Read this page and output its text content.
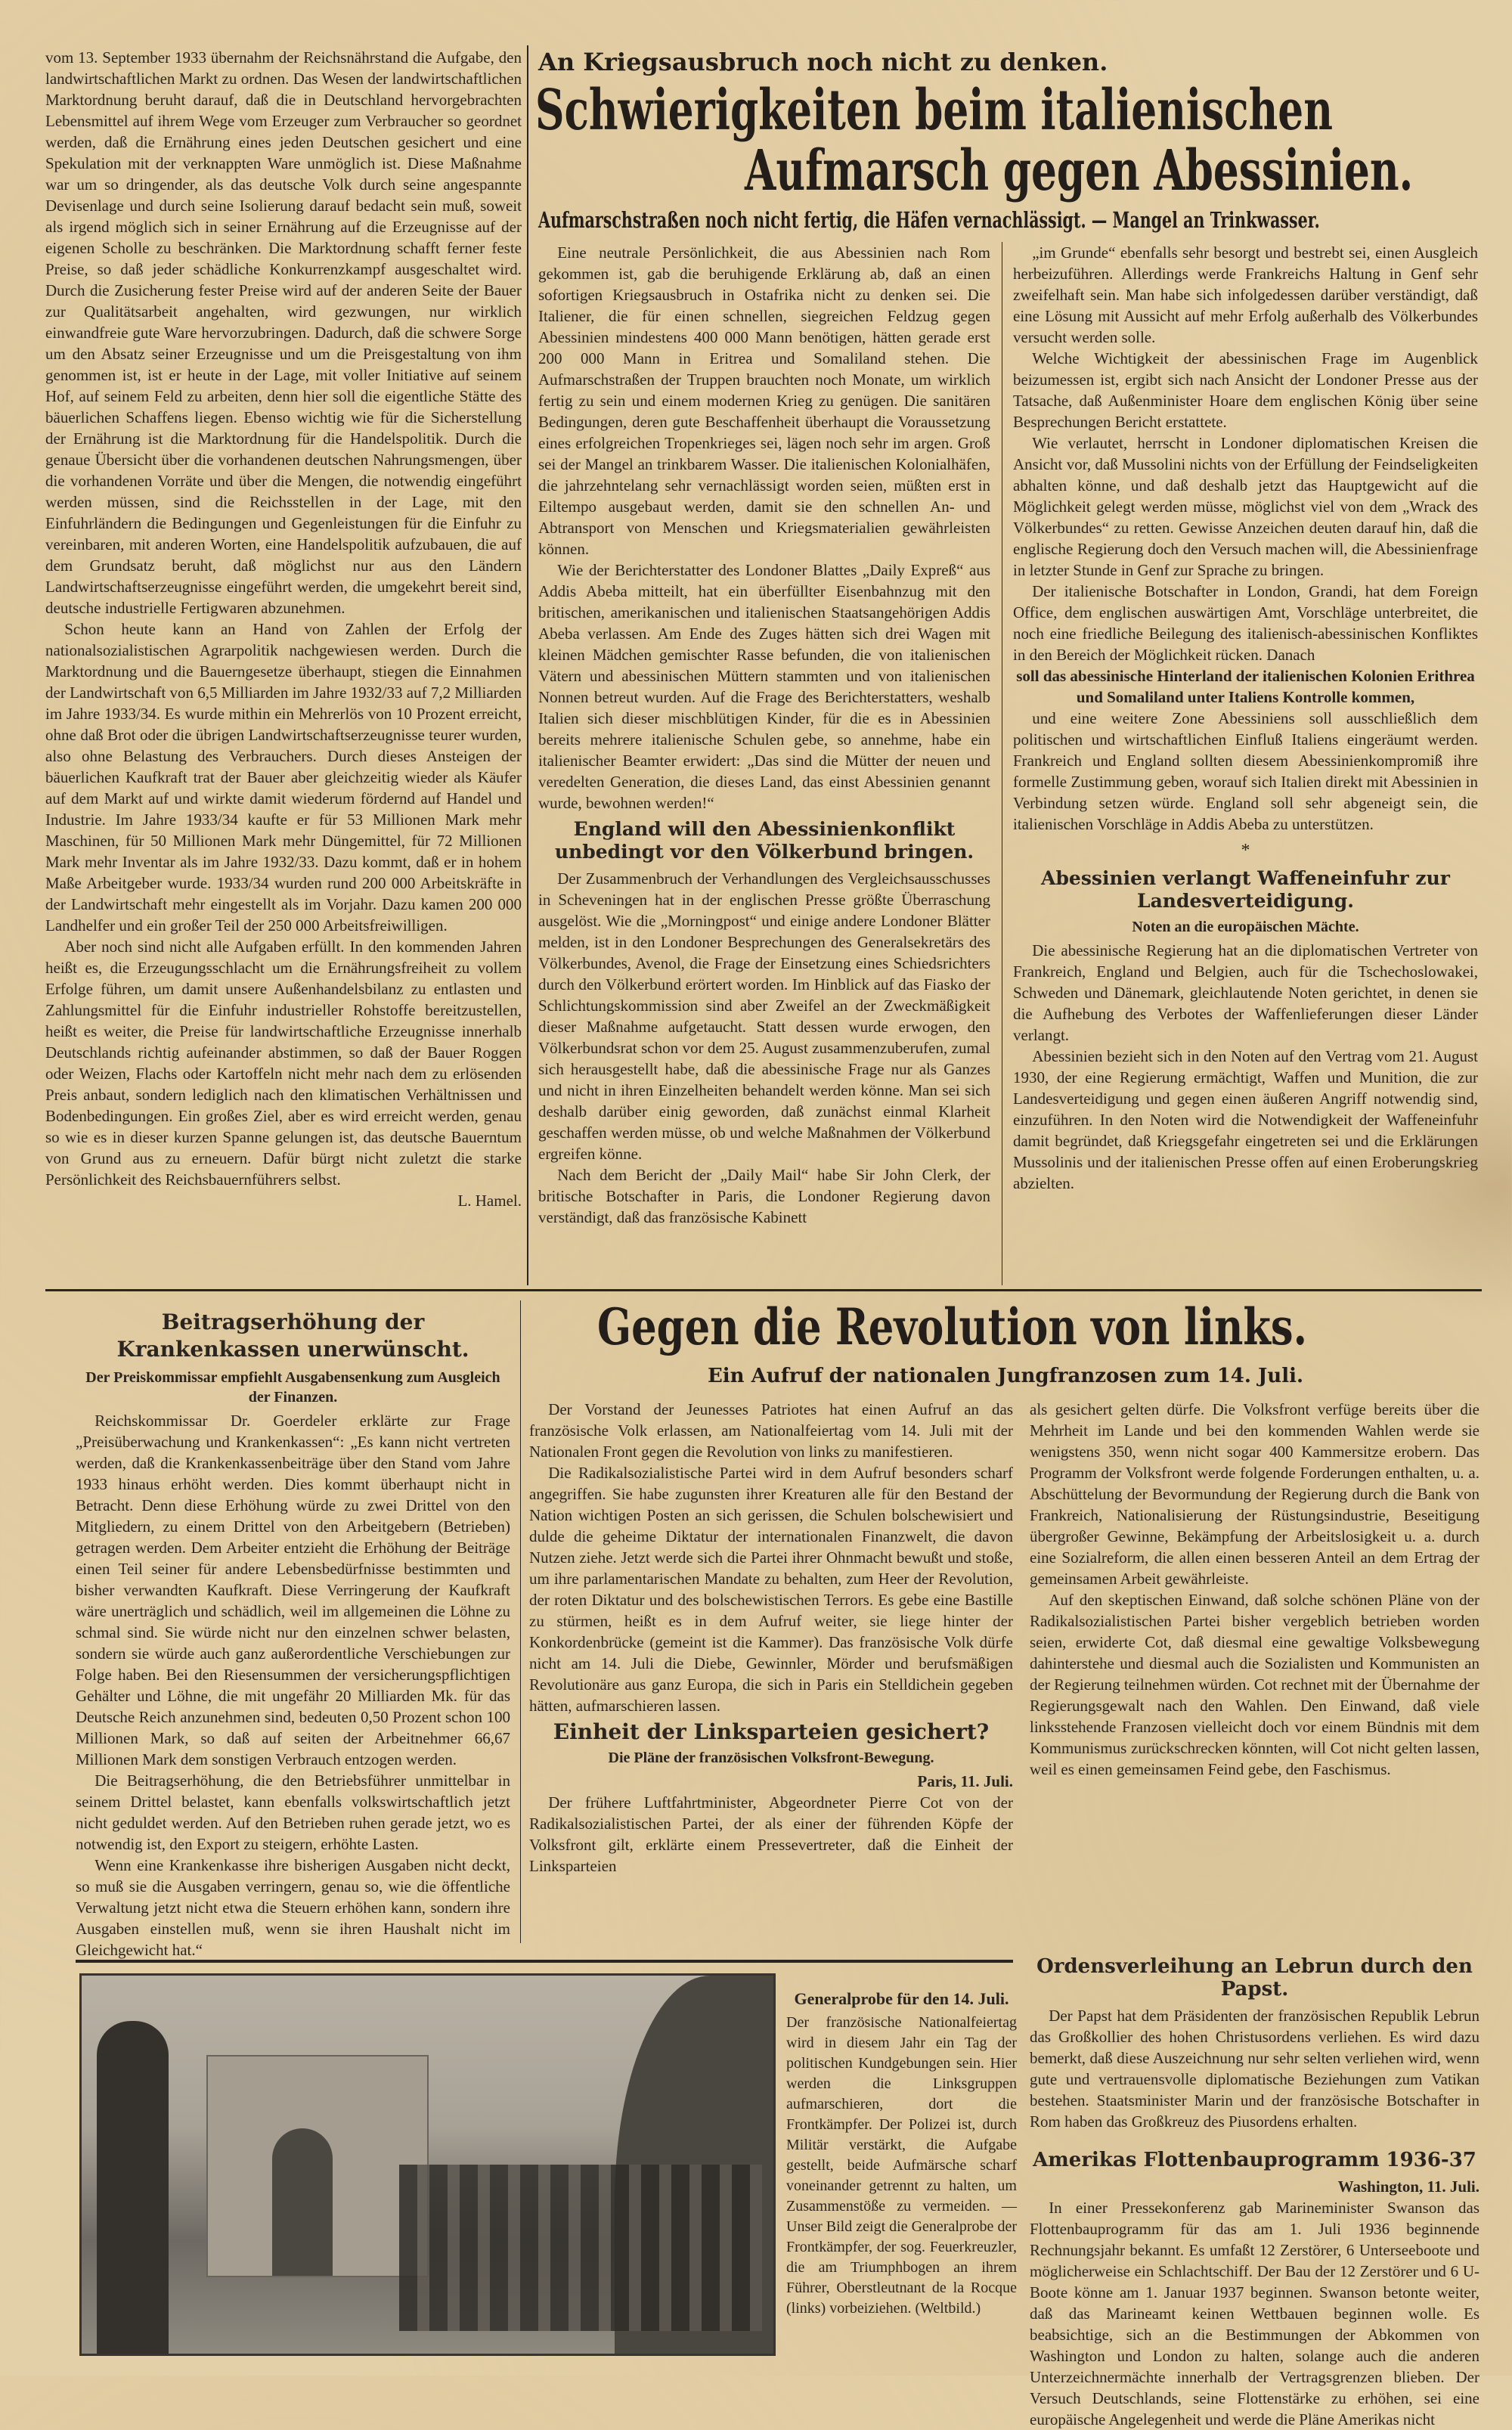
vom 13. September 1933 übernahm der Reichsnährstand die Aufgabe, den landwirtschaftlichen Markt zu ordnen. Das Wesen der landwirtschaftlichen Marktordnung beruht darauf, daß die in Deutschland hervorgebrachten Lebensmittel auf ihrem Wege vom Erzeuger zum Verbraucher so geordnet werden, daß die Ernährung eines jeden Deutschen gesichert und eine Spekulation mit der verknappten Ware unmöglich ist. Diese Maßnahme war um so dringender, als das deutsche Volk durch seine angespannte Devisenlage und durch seine Isolierung darauf bedacht sein muß, soweit als irgend möglich sich in seiner Ernährung auf die Erzeugnisse auf der eigenen Scholle zu beschränken. Die Marktordnung schafft ferner feste Preise, so daß jeder schädliche Konkurrenzkampf ausgeschaltet wird. Durch die Zusicherung fester Preise wird auf der anderen Seite der Bauer zur Qualitätsarbeit angehalten, wird gezwungen, nur wirklich einwandfreie gute Ware hervorzubringen. Dadurch, daß die schwere Sorge um den Absatz seiner Erzeugnisse und um die Preisgestaltung von ihm genommen ist, ist er heute in der Lage, mit voller Initiative auf seinem Hof, auf seinem Feld zu arbeiten, denn hier soll die eigentliche Stätte des bäuerlichen Schaffens liegen. Ebenso wichtig wie für die Sicherstellung der Ernährung ist die Marktordnung für die Handelspolitik. Durch die genaue Übersicht über die vorhandenen deutschen Nahrungsmengen, über die vorhandenen Vorräte und über die Mengen, die notwendig eingeführt werden müssen, sind die Reichsstellen in der Lage, mit den Einfuhrländern die Bedingungen und Gegenleistungen für die Einfuhr zu vereinbaren, mit anderen Worten, eine Handelspolitik aufzubauen, die auf dem Grundsatz beruht, daß möglichst nur aus den Ländern Landwirtschaftserzeugnisse eingeführt werden, die umgekehrt bereit sind, deutsche industrielle Fertigwaren abzunehmen.

Schon heute kann an Hand von Zahlen der Erfolg der nationalsozialistischen Agrarpolitik nachgewiesen werden. Durch die Marktordnung und die Bauerngesetze überhaupt, stiegen die Einnahmen der Landwirtschaft von 6,5 Milliarden im Jahre 1932/33 auf 7,2 Milliarden im Jahre 1933/34. Es wurde mithin ein Mehrerlös von 10 Prozent erreicht, ohne daß Brot oder die übrigen Landwirtschaftserzeugnisse teurer wurden, also ohne Belastung des Verbrauchers. Durch dieses Ansteigen der bäuerlichen Kaufkraft trat der Bauer aber gleichzeitig wieder als Käufer auf dem Markt auf und wirkte damit wiederum fördernd auf Handel und Industrie. Im Jahre 1933/34 kaufte er für 53 Millionen Mark mehr Maschinen, für 50 Millionen Mark mehr Düngemittel, für 72 Millionen Mark mehr Inventar als im Jahre 1932/33. Dazu kommt, daß er in hohem Maße Arbeitgeber wurde. 1933/34 wurden rund 200 000 Arbeitskräfte in der Landwirtschaft mehr eingestellt als im Vorjahr. Dazu kamen 200 000 Landhelfer und ein großer Teil der 250 000 Arbeitsfreiwilligen.

Aber noch sind nicht alle Aufgaben erfüllt. In den kommenden Jahren heißt es, die Erzeugungsschlacht um die Ernährungsfreiheit zu vollem Erfolge führen, um damit unsere Außenhandelsbilanz zu entlasten und Zahlungsmittel für die Einfuhr industrieller Rohstoffe bereitzustellen, heißt es weiter, die Preise für landwirtschaftliche Erzeugnisse innerhalb Deutschlands richtig aufeinander abstimmen, so daß der Bauer Roggen oder Weizen, Flachs oder Kartoffeln nicht mehr nach dem zu erlösenden Preis anbaut, sondern lediglich nach den klimatischen Verhältnissen und Bodenbedingungen. Ein großes Ziel, aber es wird erreicht werden, genau so wie es in dieser kurzen Spanne gelungen ist, das deutsche Bauerntum von Grund aus zu erneuern. Dafür bürgt nicht zuletzt die starke Persönlichkeit des Reichsbauernführers selbst.

L. Hamel.

An Kriegsausbruch noch nicht zu denken.
Schwierigkeiten beim italienischen
Aufmarsch gegen Abessinien.
Aufmarschstraßen noch nicht fertig, die Häfen vernachlässigt. — Mangel an Trinkwasser.

Eine neutrale Persönlichkeit, die aus Abessinien nach Rom gekommen ist, gab die beruhigende Erklärung ab, daß an einen sofortigen Kriegsausbruch in Ostafrika nicht zu denken sei. Die Italiener, die für einen schnellen, siegreichen Feldzug gegen Abessinien mindestens 400 000 Mann benötigen, hätten gerade erst 200 000 Mann in Eritrea und Somaliland stehen. Die Aufmarschstraßen der Truppen brauchten noch Monate, um wirklich fertig zu sein und einem modernen Krieg zu genügen. Die sanitären Bedingungen, deren gute Beschaffenheit überhaupt die Voraussetzung eines erfolgreichen Tropenkrieges sei, lägen noch sehr im argen. Groß sei der Mangel an trinkbarem Wasser. Die italienischen Kolonialhäfen, die jahrzehntelang sehr vernachlässigt worden seien, müßten erst in Eiltempo ausgebaut werden, damit sie den schnellen An- und Abtransport von Menschen und Kriegsmaterialien gewährleisten können.

Wie der Berichterstatter des Londoner Blattes „Daily Expreß“ aus Addis Abeba mitteilt, hat ein überfüllter Eisenbahnzug mit den britischen, amerikanischen und italienischen Staatsangehörigen Addis Abeba verlassen. Am Ende des Zuges hätten sich drei Wagen mit kleinen Mädchen gemischter Rasse befunden, die von italienischen Vätern und abessinischen Müttern stammten und von italienischen Nonnen betreut wurden. Auf die Frage des Berichterstatters, weshalb Italien sich dieser mischblütigen Kinder, für die es in Abessinien bereits mehrere italienische Schulen gebe, so annehme, habe ein italienischer Beamter erwidert: „Das sind die Mütter der neuen und veredelten Generation, die dieses Land, das einst Abessinien genannt wurde, bewohnen werden!“

England will den Abessinienkonflikt unbedingt vor den Völkerbund bringen.

Der Zusammenbruch der Verhandlungen des Vergleichsausschusses in Scheveningen hat in der englischen Presse größte Überraschung ausgelöst. Wie die „Morningpost“ und einige andere Londoner Blätter melden, ist in den Londoner Besprechungen des Generalsekretärs des Völkerbundes, Avenol, die Frage der Einsetzung eines Schiedsrichters durch den Völkerbund erörtert worden. Im Hinblick auf das Fiasko der Schlichtungskommission sind aber Zweifel an der Zweckmäßigkeit dieser Maßnahme aufgetaucht. Statt dessen wurde erwogen, den Völkerbundsrat schon vor dem 25. August zusammenzuberufen, zumal sich herausgestellt habe, daß die abessinische Frage nur als Ganzes und nicht in ihren Einzelheiten behandelt werden könne. Man sei sich deshalb darüber einig geworden, daß zunächst einmal Klarheit geschaffen werden müsse, ob und welche Maßnahmen der Völkerbund ergreifen könne.

Nach dem Bericht der „Daily Mail“ habe Sir John Clerk, der britische Botschafter in Paris, die Londoner Regierung davon verständigt, daß das französische Kabinett

„im Grunde“ ebenfalls sehr besorgt und bestrebt sei, einen Ausgleich herbeizuführen. Allerdings werde Frankreichs Haltung in Genf sehr zweifelhaft sein. Man habe sich infolgedessen darüber verständigt, daß eine Lösung mit Aussicht auf mehr Erfolg außerhalb des Völkerbundes versucht werden solle.

Welche Wichtigkeit der abessinischen Frage im Augenblick beizumessen ist, ergibt sich nach Ansicht der Londoner Presse aus der Tatsache, daß Außenminister Hoare dem englischen König über seine Besprechungen Bericht erstattete.

Wie verlautet, herrscht in Londoner diplomatischen Kreisen die Ansicht vor, daß Mussolini nichts von der Erfüllung der Feindseligkeiten abhalten könne, und daß deshalb jetzt das Hauptgewicht auf die Möglichkeit gelegt werden müsse, möglichst viel von dem „Wrack des Völkerbundes“ zu retten. Gewisse Anzeichen deuten darauf hin, daß die englische Regierung doch den Versuch machen will, die Abessinienfrage in letzter Stunde in Genf zur Sprache zu bringen.

Der italienische Botschafter in London, Grandi, hat dem Foreign Office, dem englischen auswärtigen Amt, Vorschläge unterbreitet, die noch eine friedliche Beilegung des italienisch-abessinischen Konfliktes in den Bereich der Möglichkeit rücken. Danach

soll das abessinische Hinterland der italienischen Kolonien Erithrea und Somaliland unter Italiens Kontrolle kommen,

und eine weitere Zone Abessiniens soll ausschließlich dem politischen und wirtschaftlichen Einfluß Italiens eingeräumt werden. Frankreich und England sollten diesem Abessinienkompromiß ihre formelle Zustimmung geben, worauf sich Italien direkt mit Abessinien in Verbindung setzen würde. England soll sehr abgeneigt sein, die italienischen Vorschläge in Addis Abeba zu unterstützen.

*
Abessinien verlangt Waffeneinfuhr zur Landesverteidigung.
Noten an die europäischen Mächte.

Die abessinische Regierung hat an die diplomatischen Vertreter von Frankreich, England und Belgien, auch für die Tschechoslowakei, Schweden und Dänemark, gleichlautende Noten gerichtet, in denen sie die Aufhebung des Verbotes der Waffenlieferungen dieser Länder verlangt.

Abessinien bezieht sich in den Noten auf den Vertrag vom 21. August 1930, der eine Regierung ermächtigt, Waffen und Munition, die zur Landesverteidigung und gegen einen äußeren Angriff notwendig sind, einzuführen. In den Noten wird die Notwendigkeit der Waffeneinfuhr damit begründet, daß Kriegsgefahr eingetreten sei und die Erklärungen Mussolinis und der italienischen Presse offen auf einen Eroberungskrieg abzielten.

Beitragserhöhung der Krankenkassen unerwünscht.
Der Preiskommissar empfiehlt Ausgabensenkung zum Ausgleich der Finanzen.

Reichskommissar Dr. Goerdeler erklärte zur Frage „Preisüberwachung und Krankenkassen“: „Es kann nicht vertreten werden, daß die Krankenkassenbeiträge über den Stand vom Jahre 1933 hinaus erhöht werden. Dies kommt überhaupt nicht in Betracht. Denn diese Erhöhung würde zu zwei Drittel von den Mitgliedern, zu einem Drittel von den Arbeitgebern (Betrieben) getragen werden. Dem Arbeiter entzieht die Erhöhung der Beiträge einen Teil seiner für andere Lebensbedürfnisse bestimmten und bisher verwandten Kaufkraft. Diese Verringerung der Kaufkraft wäre unerträglich und schädlich, weil im allgemeinen die Löhne zu schmal sind. Sie würde nicht nur den einzelnen schwer belasten, sondern sie würde auch ganz außerordentliche Verschiebungen zur Folge haben. Bei den Riesensummen der versicherungspflichtigen Gehälter und Löhne, die mit ungefähr 20 Milliarden Mk. für das Deutsche Reich anzunehmen sind, bedeuten 0,50 Prozent schon 100 Millionen Mark, so daß auf seiten der Arbeitnehmer 66,67 Millionen Mark dem sonstigen Verbrauch entzogen werden.

Die Beitragserhöhung, die den Betriebsführer unmittelbar in seinem Drittel belastet, kann ebenfalls volkswirtschaftlich jetzt nicht geduldet werden. Auf den Betrieben ruhen gerade jetzt, wo es notwendig ist, den Export zu steigern, erhöhte Lasten.

Wenn eine Krankenkasse ihre bisherigen Ausgaben nicht deckt, so muß sie die Ausgaben verringern, genau so, wie die öffentliche Verwaltung jetzt nicht etwa die Steuern erhöhen kann, sondern ihre Ausgaben einstellen muß, wenn sie ihren Haushalt nicht im Gleichgewicht hat.“

Gegen die Revolution von links.
Ein Aufruf der nationalen Jungfranzosen zum 14. Juli.

Der Vorstand der Jeunesses Patriotes hat einen Aufruf an das französische Volk erlassen, am Nationalfeiertag vom 14. Juli mit der Nationalen Front gegen die Revolution von links zu manifestieren.

Die Radikalsozialistische Partei wird in dem Aufruf besonders scharf angegriffen. Sie habe zugunsten ihrer Kreaturen alle für den Bestand der Nation wichtigen Posten an sich gerissen, die Schulen bolschewisiert und dulde die geheime Diktatur der internationalen Finanzwelt, die davon Nutzen ziehe. Jetzt werde sich die Partei ihrer Ohnmacht bewußt und stoße, um ihre parlamentarischen Mandate zu behalten, zum Heer der Revolution, der roten Diktatur und des bolschewistischen Terrors. Es gebe eine Bastille zu stürmen, heißt es in dem Aufruf weiter, sie liege hinter der Konkordenbrücke (gemeint ist die Kammer). Das französische Volk dürfe nicht am 14. Juli die Diebe, Gewinnler, Mörder und berufsmäßigen Revolutionäre aus ganz Europa, die sich in Paris ein Stelldichein gegeben hätten, aufmarschieren lassen.

Einheit der Linksparteien gesichert?
Die Pläne der französischen Volksfront-Bewegung.
Paris, 11. Juli.

Der frühere Luftfahrtminister, Abgeordneter Pierre Cot von der Radikalsozialistischen Partei, der als einer der führenden Köpfe der Volksfront gilt, erklärte einem Pressevertreter, daß die Einheit der Linksparteien

als gesichert gelten dürfe. Die Volksfront verfüge bereits über die Mehrheit im Lande und bei den kommenden Wahlen werde sie wenigstens 350, wenn nicht sogar 400 Kammersitze erobern. Das Programm der Volksfront werde folgende Forderungen enthalten, u. a. Abschüttelung der Bevormundung der Regierung durch die Bank von Frankreich, Nationalisierung der Rüstungsindustrie, Beseitigung übergroßer Gewinne, Bekämpfung der Arbeitslosigkeit u. a. durch eine Sozialreform, die allen einen besseren Anteil an dem Ertrag der gemeinsamen Arbeit gewährleiste.

Auf den skeptischen Einwand, daß solche schönen Pläne von der Radikalsozialistischen Partei bisher vergeblich betrieben worden seien, erwiderte Cot, daß diesmal eine gewaltige Volksbewegung dahinterstehe und diesmal auch die Sozialisten und Kommunisten an der Regierung teilnehmen würden. Cot rechnet mit der Übernahme der Regierungsgewalt nach den Wahlen. Den Einwand, daß viele linksstehende Franzosen vielleicht doch vor einem Bündnis mit dem Kommunismus zurückschrecken könnten, will Cot nicht gelten lassen, weil es einen gemeinsamen Feind gebe, den Faschismus.

Ordensverleihung an Lebrun durch den Papst.

Der Papst hat dem Präsidenten der französischen Republik Lebrun das Großkollier des hohen Christusordens verliehen. Es wird dazu bemerkt, daß diese Auszeichnung nur sehr selten verliehen wird, wenn gute und vertrauensvolle diplomatische Beziehungen zum Vatikan bestehen. Staatsminister Marin und der französische Botschafter in Rom haben das Großkreuz des Piusordens erhalten.

Amerikas Flottenbauprogramm 1936-37
Washington, 11. Juli.

In einer Pressekonferenz gab Marineminister Swanson das Flottenbauprogramm für das am 1. Juli 1936 beginnende Rechnungsjahr bekannt. Es umfaßt 12 Zerstörer, 6 Unterseeboote und möglicherweise ein Schlachtschiff. Der Bau der 12 Zerstörer und 6 U-Boote könne am 1. Januar 1937 beginnen. Swanson betonte weiter, daß das Marineamt keinen Wettbauen beginnen wolle. Es beabsichtige, sich an die Bestimmungen der Abkommen von Washington und London zu halten, solange auch die anderen Unterzeichnermächte innerhalb der Vertragsgrenzen blieben. Der Versuch Deutschlands, seine Flottenstärke zu erhöhen, sei eine europäische Angelegenheit und werde die Pläne Amerikas nicht

Generalprobe für den 14. Juli.

Der französische Nationalfeiertag wird in diesem Jahr ein Tag der politischen Kundgebungen sein. Hier werden die Linksgruppen aufmarschieren, dort die Frontkämpfer. Der Polizei ist, durch Militär verstärkt, die Aufgabe gestellt, beide Aufmärsche scharf voneinander getrennt zu halten, um Zusammenstöße zu vermeiden. — Unser Bild zeigt die Generalprobe der Frontkämpfer, der sog. Feuerkreuzler, die am Triumphbogen an ihrem Führer, Oberstleutnant de la Rocque (links) vorbeiziehen. (Weltbild.)
